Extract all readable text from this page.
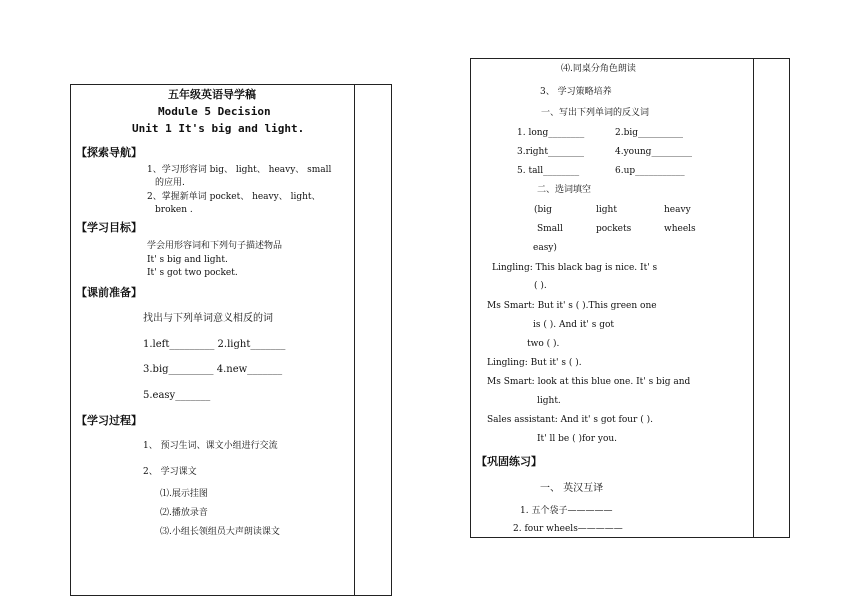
五年级英语导学稿
Module 5 Decision
Unit 1 It's big and light.
【探索导航】
1、学习形容词 big、 light、 heavy、 small
的应用.
2、掌握新单词 pocket、 heavy、 light、
broken .
【学习目标】
学会用形容词和下列句子描述物品
It' s big and light.
It' s got two pocket.
【课前准备】
找出与下列单词意义相反的词
1.left_________ 2.light_______
3.big_________ 4.new_______
5.easy_______
【学习过程】
1、 预习生词、课文小组进行交流
2、 学习课文
⑴.展示挂图
⑵.播放录音
⑶.小组长领组员大声朗读课文
⑷.同桌分角色朗读
3、 学习策略培养
一、写出下列单词的反义词
1. long________	2.big__________
3.right________	4.young_________
5. tall________	6.up___________
二、选词填空
(big	light	heavy
Small	pockets	wheels
easy)
Lingling: This black bag is nice. It' s
( ).
Ms Smart: But it' s ( ).This green one
is ( ). And it' s got
two ( ).
Lingling: But it' s ( ).
Ms Smart: look at this blue one. It' s big and
light.
Sales assistant: And it' s got four ( ).
It' ll be ( )for you.
【巩固练习】
一、 英汉互译
1. 五个袋子—————
2. four wheels—————
